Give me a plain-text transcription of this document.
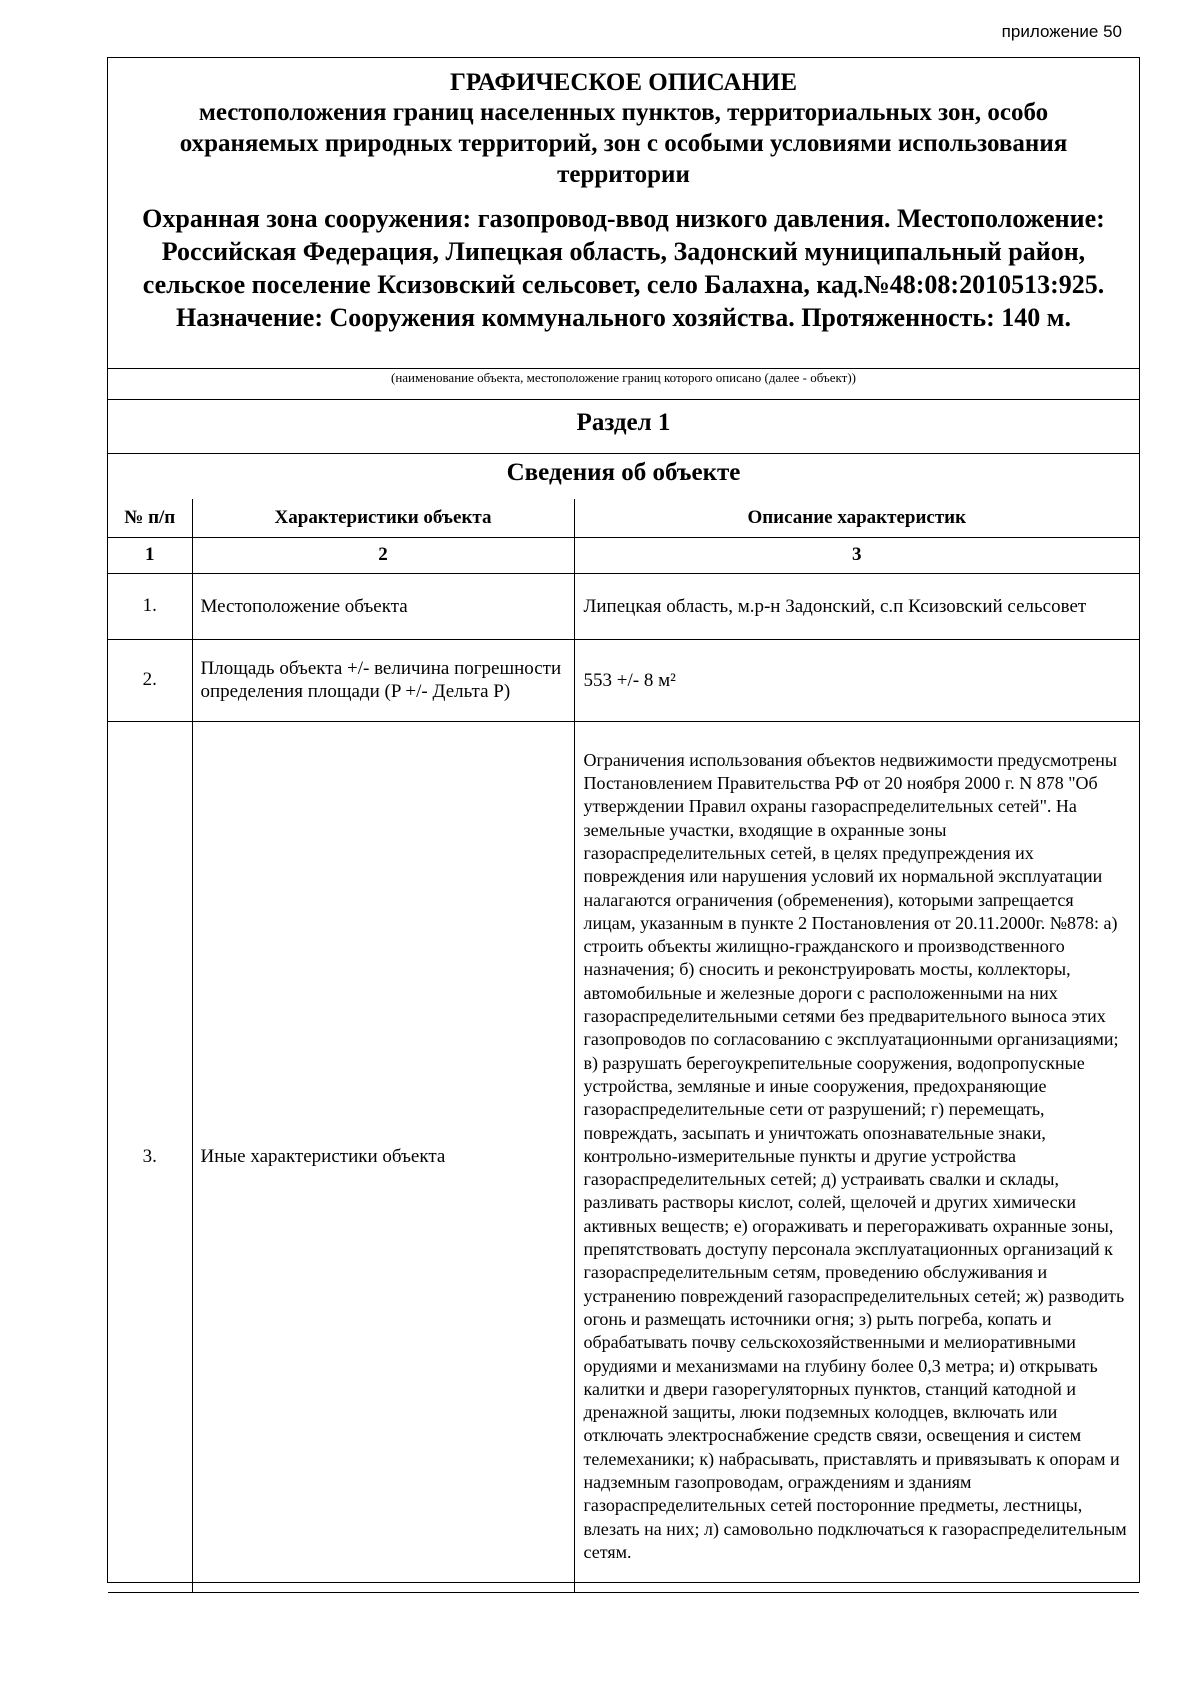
приложение 50
ГРАФИЧЕСКОЕ ОПИСАНИЕ
местоположения границ населенных пунктов, территориальных зон, особо охраняемых природных территорий, зон с особыми условиями использования территории
Охранная зона сооружения: газопровод-ввод низкого давления. Местоположение: Российская Федерация, Липецкая область, Задонский муниципальный район, сельское поселение Ксизовский сельсовет, село Балахна, кад.№48:08:2010513:925. Назначение: Сооружения коммунального хозяйства. Протяженность: 140 м.
(наименование объекта, местоположение границ которого описано (далее - объект))
Раздел 1
Сведения об объекте
№ п/п	Характеристики объекта	Описание характеристик
1	2	3
1.	Местоположение объекта	Липецкая область, м.р-н Задонский, с.п Ксизовский сельсовет
2.	Площадь объекта +/- величина погрешности определения площади (P +/- Дельта P)	553 +/- 8 м²
3.	Иные характеристики объекта	Ограничения использования объектов недвижимости предусмотрены Постановлением Правительства РФ от 20 ноября 2000 г. N 878 "Об утверждении Правил охраны газораспределительных сетей". На земельные участки, входящие в охранные зоны газораспределительных сетей, в целях предупреждения их повреждения или нарушения условий их нормальной эксплуатации налагаются ограничения (обременения), которыми запрещается лицам, указанным в пункте 2 Постановления от 20.11.2000г. №878: а) строить объекты жилищно-гражданского и производственного назначения; б) сносить и реконструировать мосты, коллекторы, автомобильные и железные дороги с расположенными на них газораспределительными сетями без предварительного выноса этих газопроводов по согласованию с эксплуатационными организациями; в) разрушать берегоукрепительные сооружения, водопропускные устройства, земляные и иные сооружения, предохраняющие газораспределительные сети от разрушений; г) перемещать, повреждать, засыпать и уничтожать опознавательные знаки, контрольно-измерительные пункты и другие устройства газораспределительных сетей; д) устраивать свалки и склады, разливать растворы кислот, солей, щелочей и других химически активных веществ; е) огораживать и перегораживать охранные зоны, препятствовать доступу персонала эксплуатационных организаций к газораспределительным сетям, проведению обслуживания и устранению повреждений газораспределительных сетей; ж) разводить огонь и размещать источники огня; з) рыть погреба, копать и обрабатывать почву сельскохозяйственными и мелиоративными орудиями и механизмами на глубину более 0,3 метра; и) открывать калитки и двери газорегуляторных пунктов, станций катодной и дренажной защиты, люки подземных колодцев, включать или отключать электроснабжение средств связи, освещения и систем телемеханики; к) набрасывать, приставлять и привязывать к опорам и надземным газопроводам, ограждениям и зданиям газораспределительных сетей посторонние предметы, лестницы, влезать на них; л) самовольно подключаться к газораспределительным сетям.
